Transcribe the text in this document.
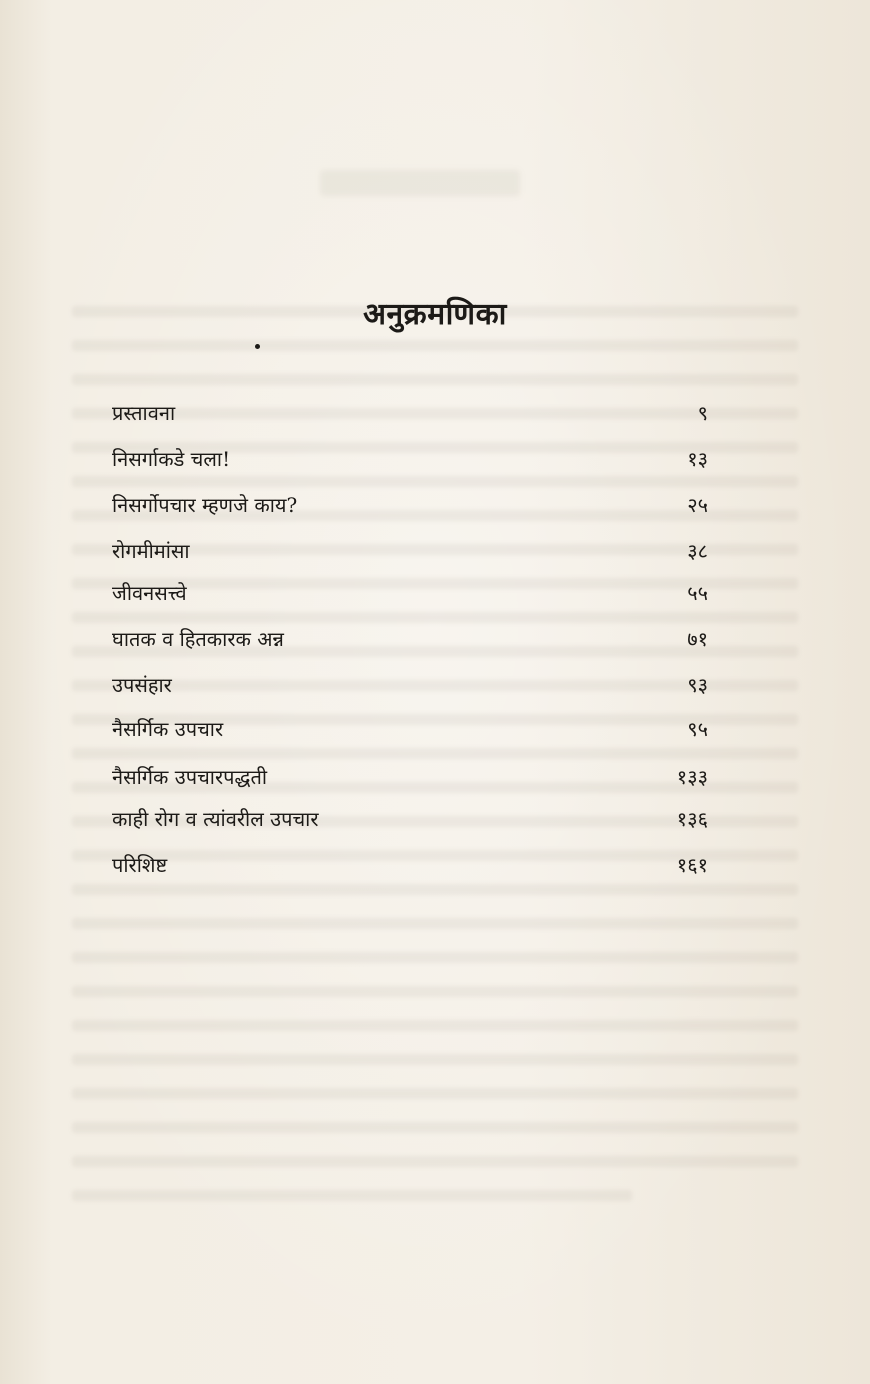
अनुक्रमणिका
प्रस्तावना	९
निसर्गाकडे चला!	१३
निसर्गोपचार म्हणजे काय?	२५
रोगमीमांसा	३८
जीवनसत्त्वे	५५
घातक व हितकारक अन्न	७१
उपसंहार	९३
नैसर्गिक उपचार	९५
नैसर्गिक उपचारपद्धती	१३३
काही रोग व त्यांवरील उपचार	१३६
परिशिष्ट	१६१
